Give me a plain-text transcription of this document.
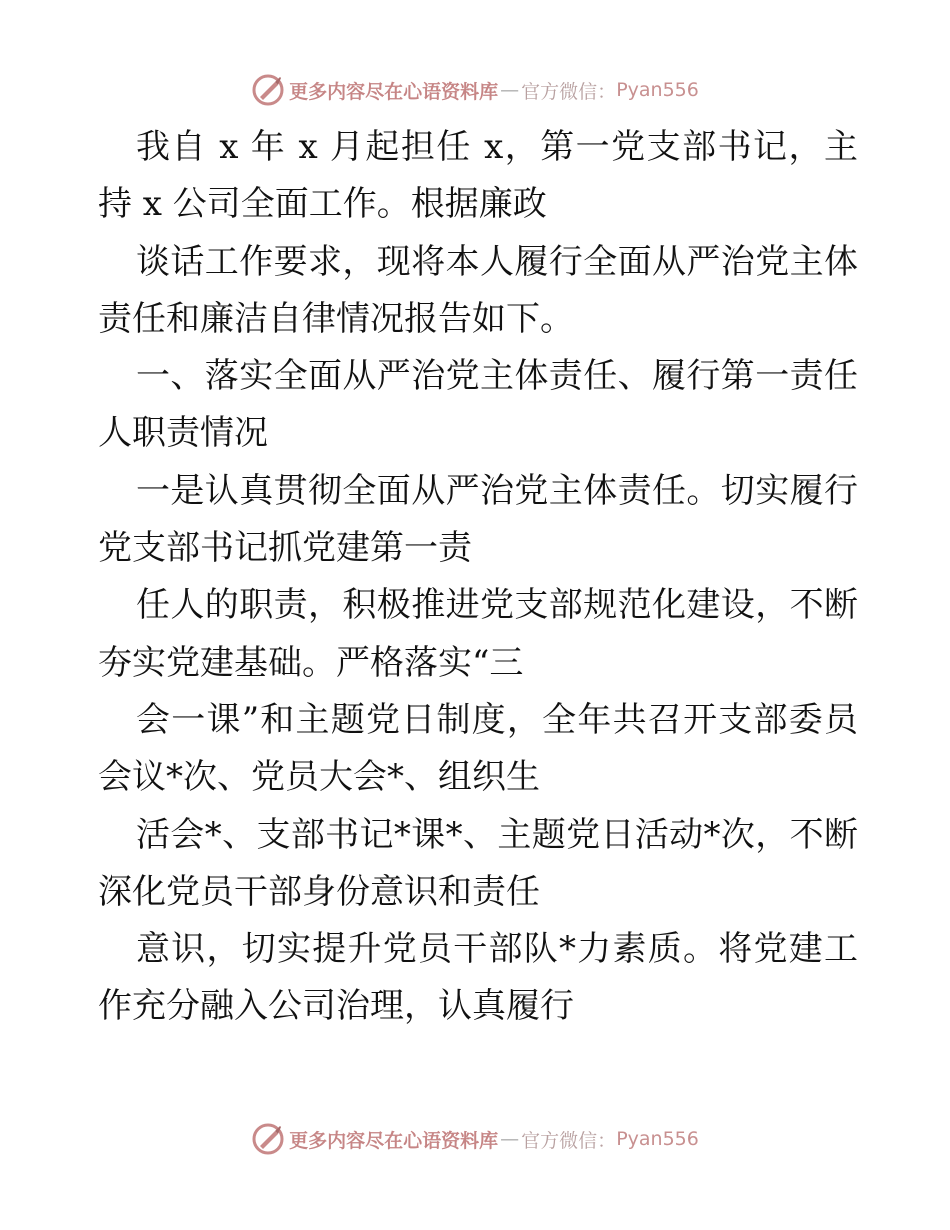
更多内容尽在心语资料库 — 官方微信： Pyan556
我自 x 年 x 月起担任 x，第一党支部书记，主
持 x 公司全面工作。根据廉政
谈话工作要求，现将本人履行全面从严治党主体
责任和廉洁自律情况报告如下。
一、落实全面从严治党主体责任、履行第一责任
人职责情况
一是认真贯彻全面从严治党主体责任。切实履行
党支部书记抓党建第一责
任人的职责，积极推进党支部规范化建设，不断
夯实党建基础。严格落实“三
会一课”和主题党日制度，全年共召开支部委员
会议*次、党员大会*、组织生
活会*、支部书记*课*、主题党日活动*次，不断
深化党员干部身份意识和责任
意识，切实提升党员干部队*力素质。将党建工
作充分融入公司治理，认真履行
更多内容尽在心语资料库 — 官方微信： Pyan556
